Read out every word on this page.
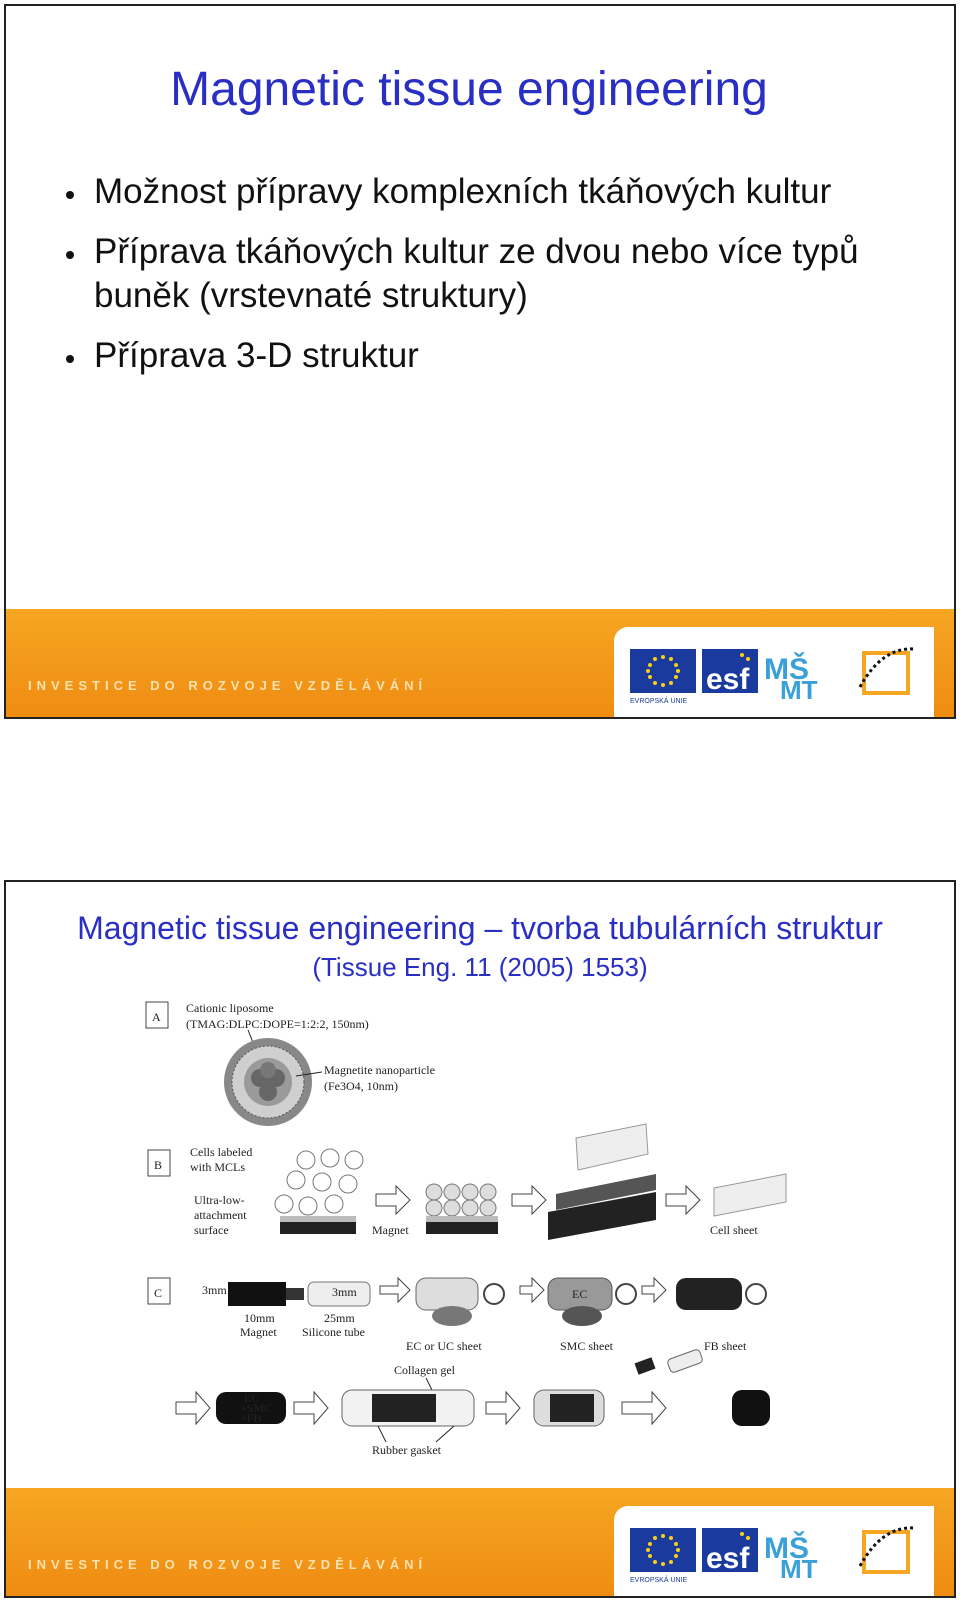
Magnetic tissue engineering
Možnost přípravy komplexních tkáňových kultur
Příprava tkáňových kultur ze dvou nebo více typů buněk (vrstevnaté struktury)
Příprava 3-D struktur
INVESTICE DO ROZVOJE VZDĚLÁVÁNÍ
EVROPSKÁ UNIE
esf MŠ
MT
Magnetic tissue engineering – tvorba tubulárních struktur
(Tissue Eng. 11 (2005) 1553)
A
Cationic liposome
(TMAG:DLPC:DOPE=1:2:2, 150nm)
Magnetite nanoparticle
(Fe3O4, 10nm)
B
Cells labeled
with MCLs
Ultra-low-
attachment
surface	Magnet	Cell sheet
C	3mm	3mm
10mm	25mm
Magnet Silicone tube
EC or UC sheet
EC
SMC sheet
EC+SMC
FB sheet
Collagen gel
EC
+SMC
+FB
Rubber gasket
INVESTICE DO ROZVOJE VZDĚLÁVÁNÍ
EVROPSKÁ UNIE
esf MŠ
MT
